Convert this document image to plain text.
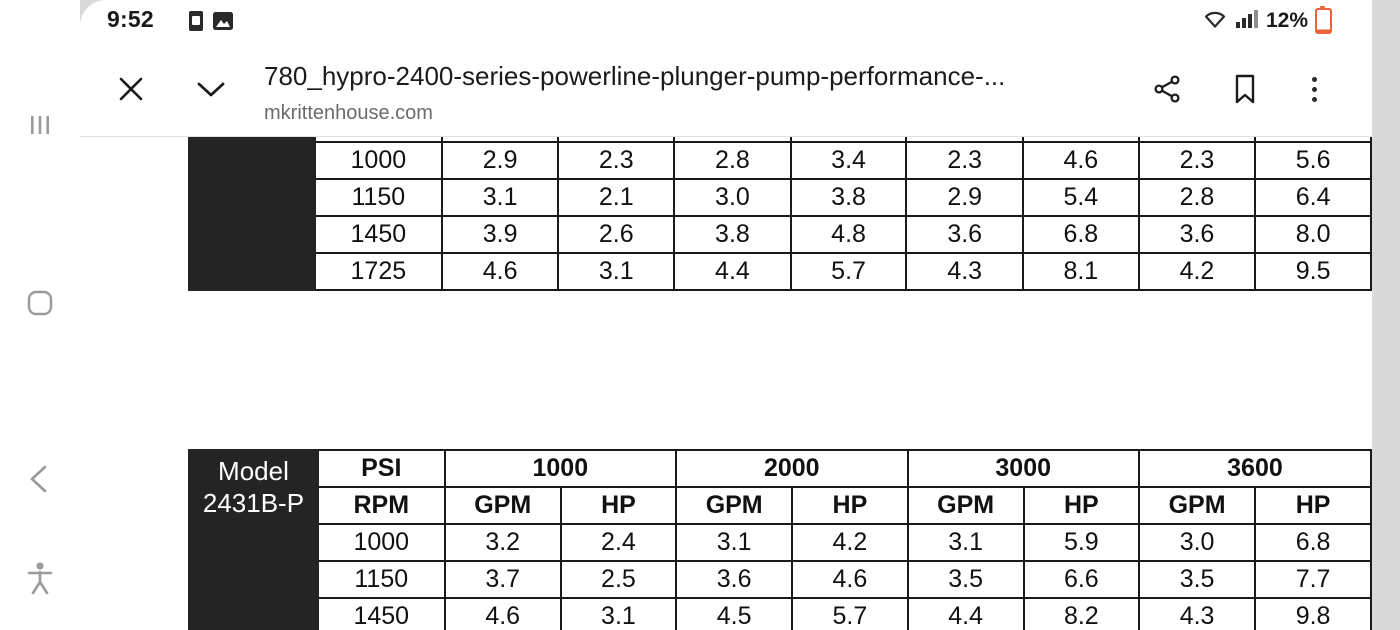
9:52	12%
780_hypro-2400-series-powerline-plunger-pump-performance-...
mkrittenhouse.com

	1000	2.9	2.3	2.8	3.4	2.3	4.6	2.3	5.6
	1150	3.1	2.1	3.0	3.8	2.9	5.4	2.8	6.4
	1450	3.9	2.6	3.8	4.8	3.6	6.8	3.6	8.0
	1725	4.6	3.1	4.4	5.7	4.3	8.1	4.2	9.5
Model
2431B-P	PSI	1000		2000		3000		3600	
	RPM	GPM	HP	GPM	HP	GPM	HP	GPM	HP
	1000	3.2	2.4	3.1	4.2	3.1	5.9	3.0	6.8
	1150	3.7	2.5	3.6	4.6	3.5	6.6	3.5	7.7
	1450	4.6	3.1	4.5	5.7	4.4	8.2	4.3	9.8
